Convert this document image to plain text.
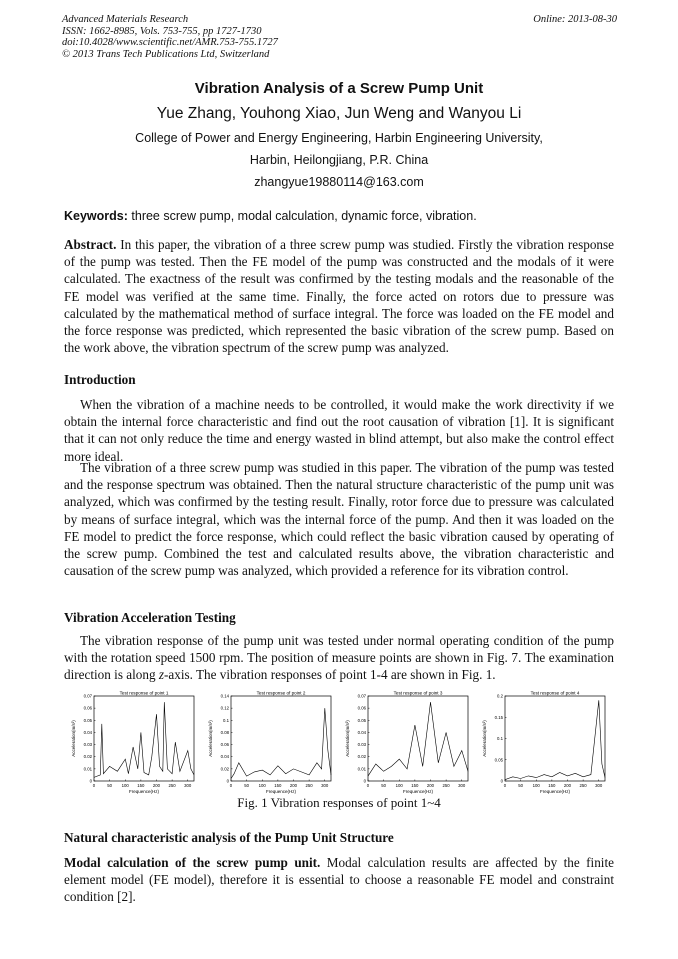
Advanced Materials Research
ISSN: 1662-8985, Vols. 753-755, pp 1727-1730
doi:10.4028/www.scientific.net/AMR.753-755.1727
© 2013 Trans Tech Publications Ltd, Switzerland
Online: 2013-08-30
Vibration Analysis of a Screw Pump Unit
Yue Zhang, Youhong Xiao, Jun Weng and Wanyou Li
College of Power and Energy Engineering, Harbin Engineering University,
Harbin, Heilongjiang, P.R. China
zhangyue19880114@163.com
Keywords: three screw pump, modal calculation, dynamic force, vibration.
Abstract. In this paper, the vibration of a three screw pump was studied. Firstly the vibration response of the pump was tested. Then the FE model of the pump was constructed and the modals of it were calculated. The exactness of the result was confirmed by the testing modals and the reasonable of the FE model was verified at the same time. Finally, the force acted on rotors due to pressure was calculated by the mathematical method of surface integral. The force was loaded on the FE model and the force response was predicted, which represented the basic vibration of the screw pump. Based on the work above, the vibration spectrum of the screw pump was analyzed.
Introduction
When the vibration of a machine needs to be controlled, it would make the work directivity if we obtain the internal force characteristic and find out the root causation of vibration [1]. It is significant that it can not only reduce the time and energy wasted in blind attempt, but also make the control effect more ideal.
The vibration of a three screw pump was studied in this paper. The vibration of the pump was tested and the response spectrum was obtained. Then the natural structure characteristic of the pump unit was analyzed, which was confirmed by the testing result. Finally, rotor force due to pressure was calculated by means of surface integral, which was the internal force of the pump. And then it was loaded on the FE model to predict the force response, which could reflect the basic vibration caused by operating of the screw pump. Combined the test and calculated results above, the vibration characteristic and causation of the screw pump was analyzed, which provided a reference for its vibration control.
Vibration Acceleration Testing
The vibration response of the pump unit was tested under normal operating condition of the pump with the rotation speed 1500 rpm. The position of measure points are shown in Fig. 7. The examination direction is along z-axis. The vibration responses of point 1-4 are shown in Fig. 1.
Test response of point 1
0	50 100 150 200 250 300
0
0.01
0.02
0.03
0.04
0.05
0.06
0.07
Frequence(Hz)
Acceleration(m/s²)
Test response of point 2
0	50 100 150 200 250 300
0
0.02
0.04
0.06
0.08
0.1
0.12
0.14
Frequence(Hz)
Acceleration(m/s²)
Test response of point 3
0	50 100 150 200 250 300
0
0.01
0.02
0.03
0.04
0.05
0.06
0.07
Frequence(Hz)
Acceleration(m/s²)
Test response of point 4
0	50 100 150 200 250 300
0
0.05
0.1
0.15
0.2
Frequence(Hz)
Acceleration(m/s²)
Fig. 1 Vibration responses of point 1~4
Natural characteristic analysis of the Pump Unit Structure
Modal calculation of the screw pump unit. Modal calculation results are affected by the finite element model (FE model), therefore it is essential to choose a reasonable FE model and constraint condition [2].
